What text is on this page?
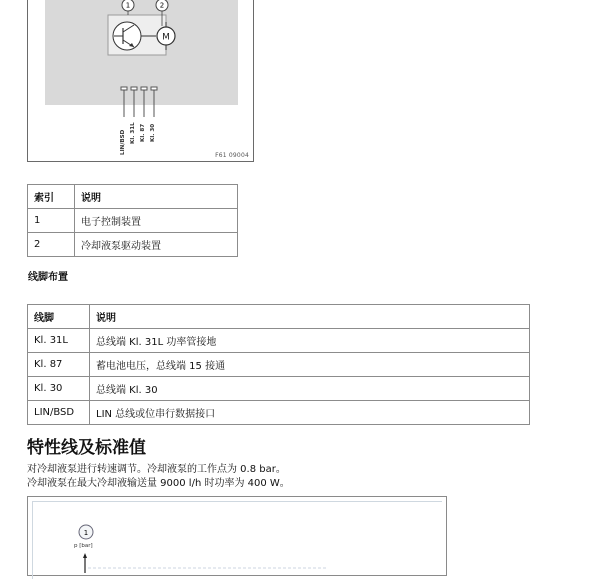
M
1	2
LIN/BSD Kl. 31L Kl. 87 Kl. 30
F61 09004
索引	说明
1	电子控制装置
2	冷却液泵驱动装置
线脚布置
线脚	说明
Kl. 31L	总线端 Kl. 31L 功率管接地
Kl. 87	蓄电池电压，总线端 15 接通
Kl. 30	总线端 Kl. 30
LIN/BSD	LIN 总线或位串行数据接口
特性线及标准值
对冷却液泵进行转速调节。冷却液泵的工作点为 0.8 bar。
冷却液泵在最大冷却液输送量 9000 l/h 时功率为 400 W。
1
p [bar]
